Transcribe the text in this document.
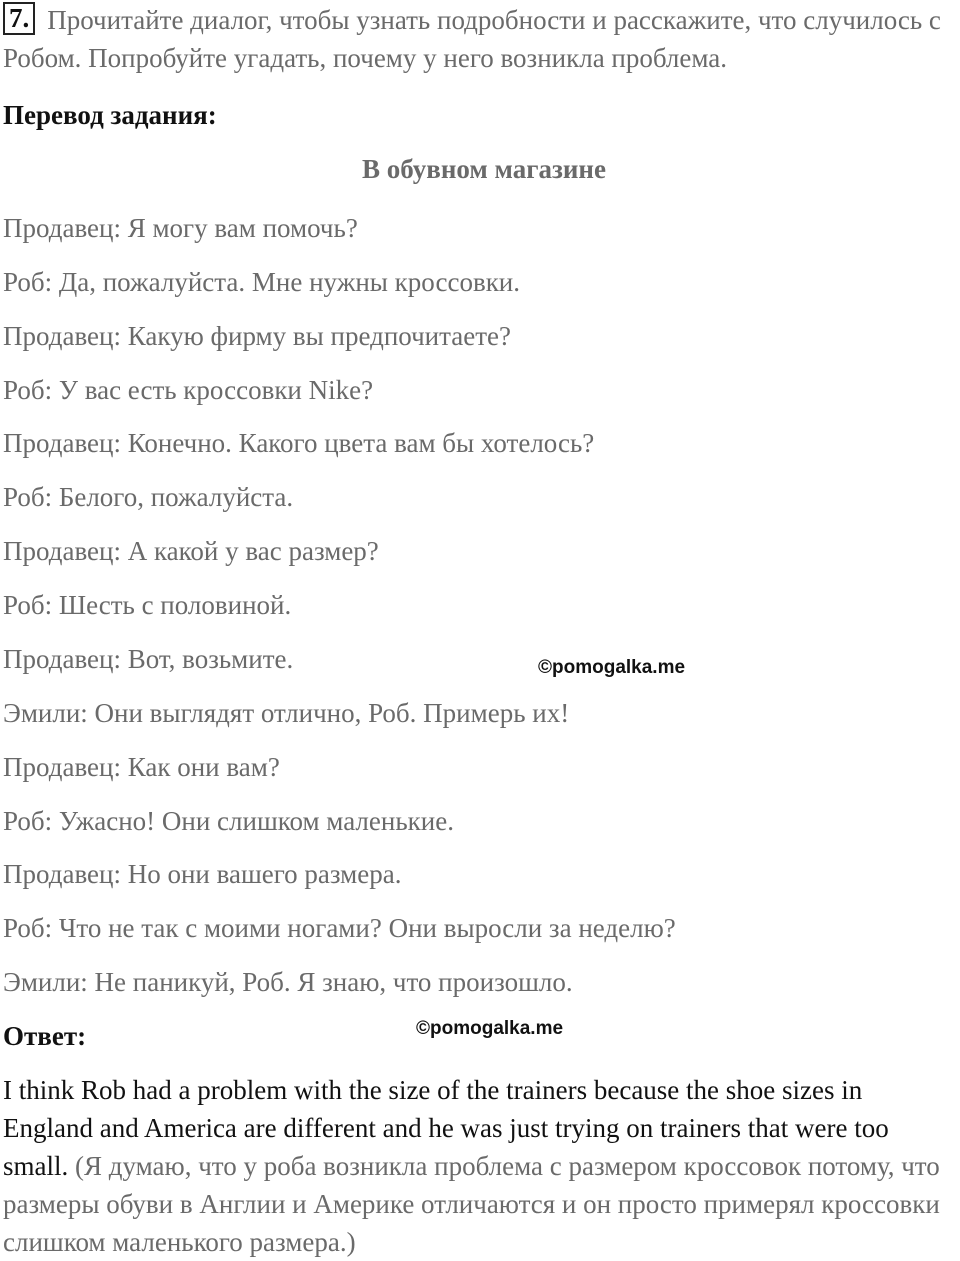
7. Прочитайте диалог, чтобы узнать подробности и расскажите, что случилось с Робом. Попробуйте угадать, почему у него возникла проблема.
Перевод задания:
В обувном магазине
Продавец: Я могу вам помочь?
Роб: Да, пожалуйста. Мне нужны кроссовки.
Продавец: Какую фирму вы предпочитаете?
Роб: У вас есть кроссовки Nike?
Продавец: Конечно. Какого цвета вам бы хотелось?
Роб: Белого, пожалуйста.
Продавец: А какой у вас размер?
Роб: Шесть с половиной.
Продавец: Вот, возьмите.
Эмили: Они выглядят отлично, Роб. Примерь их!
Продавец: Как они вам?
Роб: Ужасно! Они слишком маленькие.
Продавец: Но они вашего размера.
Роб: Что не так с моими ногами? Они выросли за неделю?
Эмили: Не паникуй, Роб. Я знаю, что произошло.
©pomogalka.me
©pomogalka.me
Ответ:
I think Rob had a problem with the size of the trainers because the shoe sizes in England and America are different and he was just trying on trainers that were too small. (Я думаю, что у роба возникла проблема с размером кроссовок потому, что размеры обуви в Англии и Америке отличаются и он просто примерял кроссовки слишком маленького размера.)
